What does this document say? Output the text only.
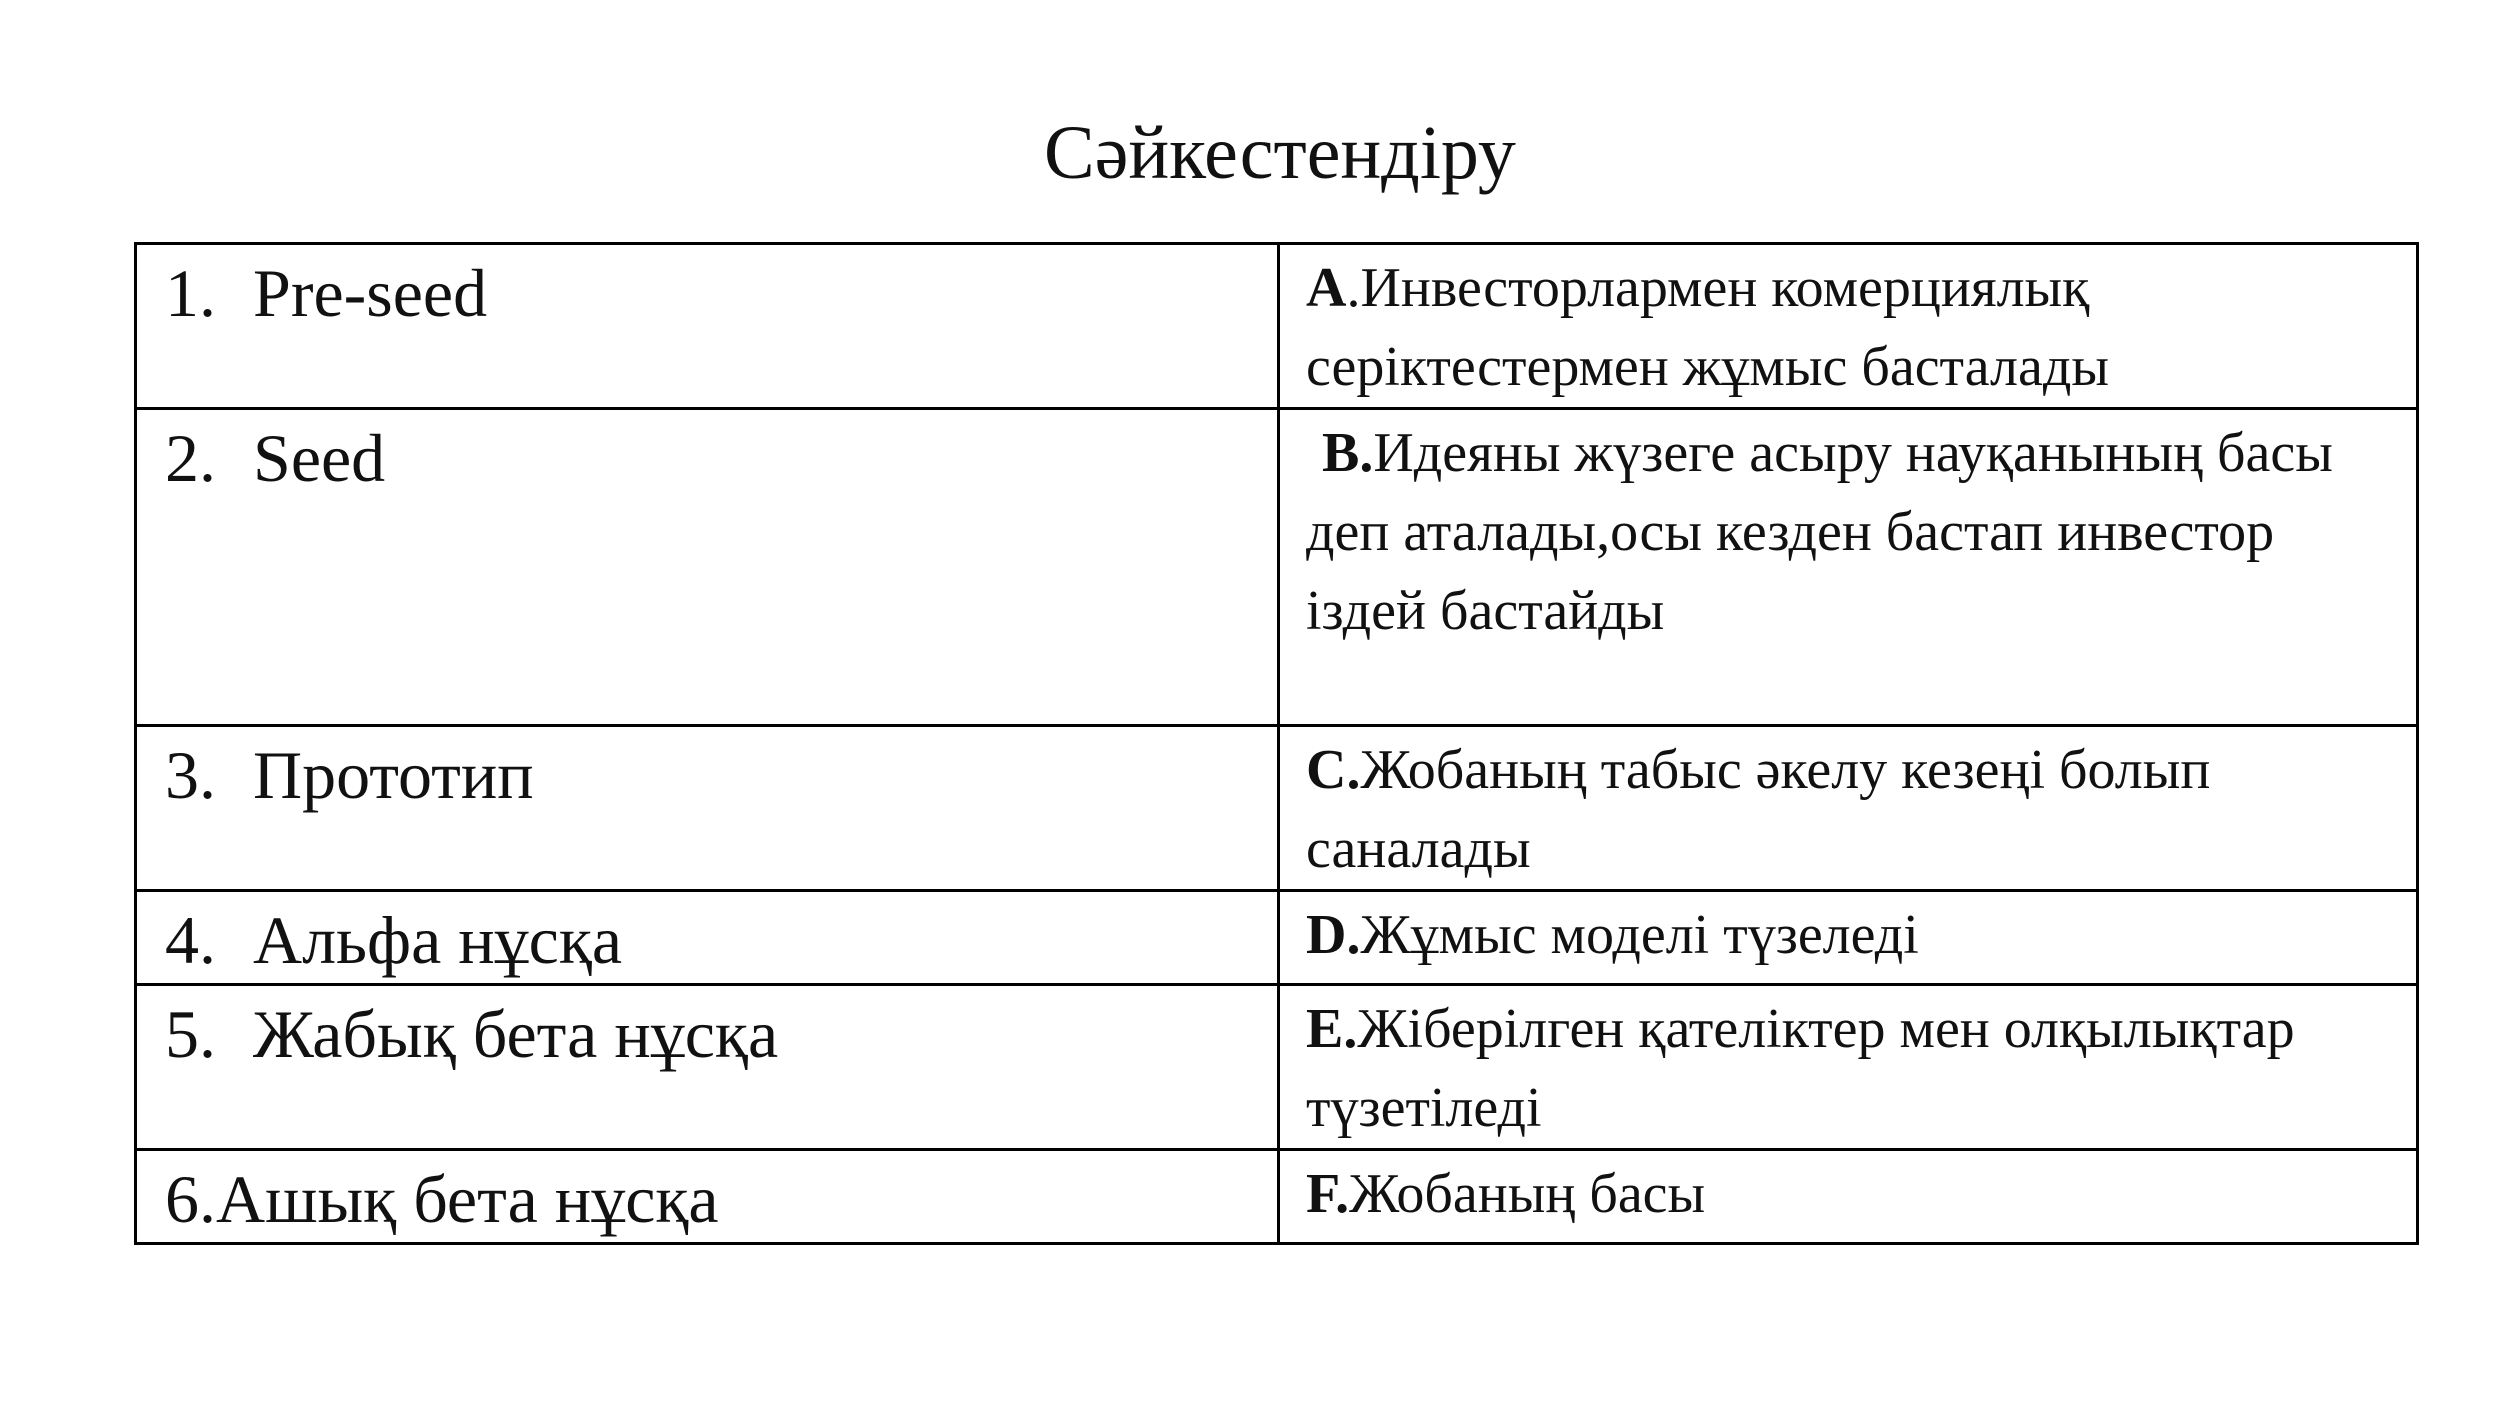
Сәйкестендіру
1. Pre-seed	A.Инвесторлармен комерциялық серіктестермен жұмыс басталады
2. Seed	B.Идеяны жүзеге асыру науқанының басы деп аталады,осы кезден бастап инвестор іздей бастайды
3. Прототип	C.Жобаның табыс әкелу кезеңі болып саналады
4. Альфа нұсқа	D.Жұмыс моделі түзеледі
5. Жабық бета нұсқа	E.Жіберілген қателіктер мен олқылықтар түзетіледі
6.Ашық бета нұсқа	F.Жобаның басы
